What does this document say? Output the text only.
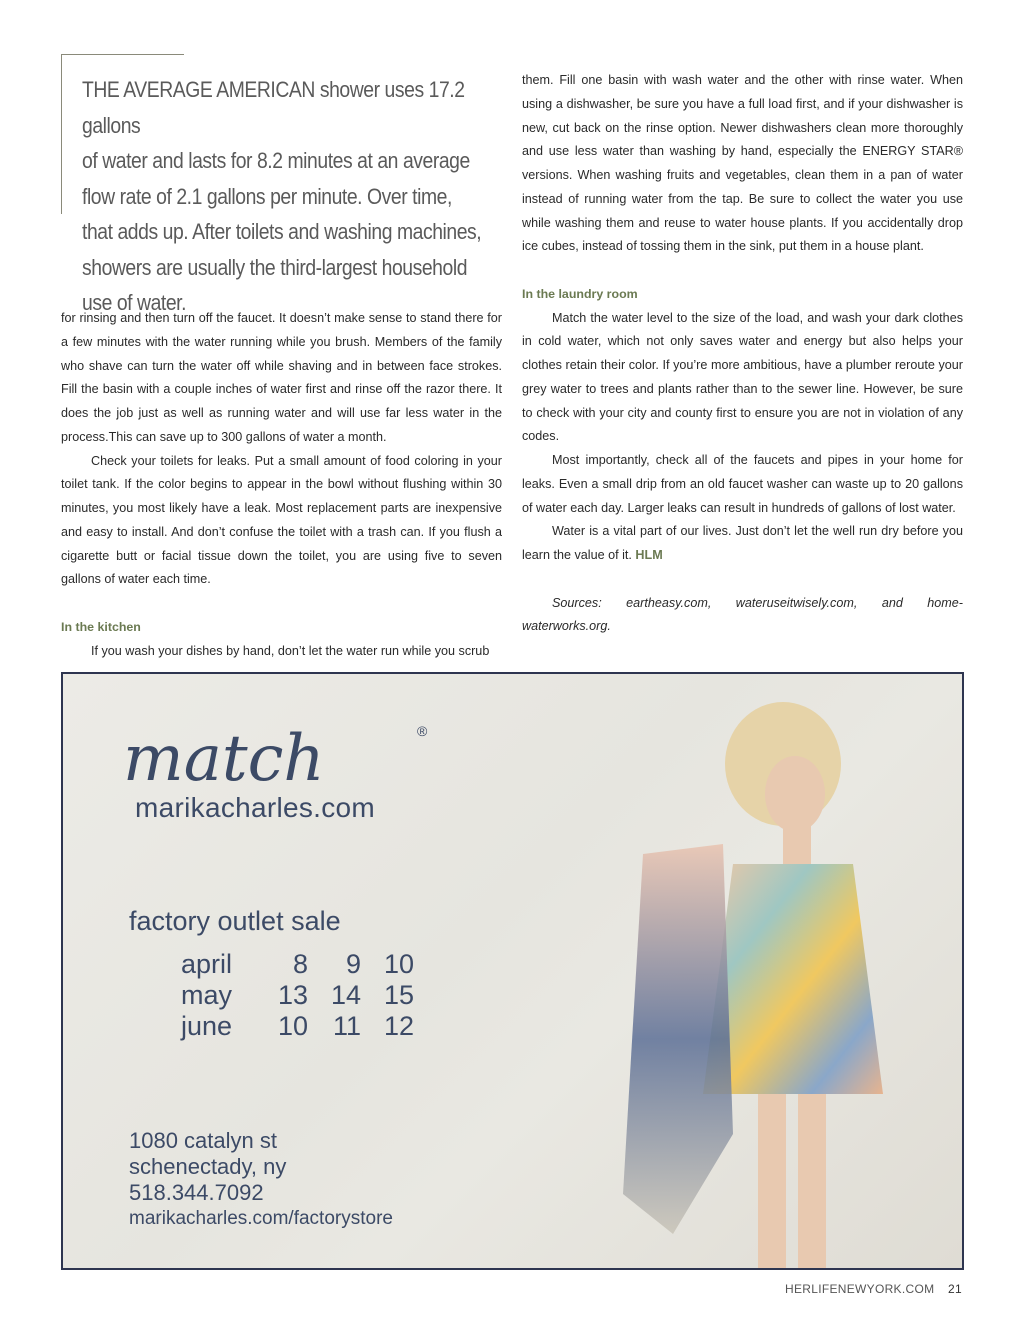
THE AVERAGE AMERICAN shower uses 17.2 gallons
of water and lasts for 8.2 minutes at an average
flow rate of 2.1 gallons per minute. Over time,
that adds up. After toilets and washing machines,
showers are usually the third-largest household
use of water.

for rinsing and then turn off the faucet. It doesn’t make sense to stand there for a few minutes with the water running while you brush. Members of the family who shave can turn the water off while shaving and in between face strokes. Fill the basin with a couple inches of water first and rinse off the razor there. It does the job just as well as running water and will use far less water in the process.This can save up to 300 gallons of water a month.

Check your toilets for leaks. Put a small amount of food coloring in your toilet tank. If the color begins to appear in the bowl without flushing within 30 minutes, you most likely have a leak. Most replacement parts are inexpensive and easy to install. And don’t confuse the toilet with a trash can. If you flush a cigarette butt or facial tissue down the toilet, you are using five to seven gallons of water each time.

In the kitchen

If you wash your dishes by hand, don’t let the water run while you scrub

them. Fill one basin with wash water and the other with rinse water. When using a dishwasher, be sure you have a full load first, and if your dishwasher is new, cut back on the rinse option. Newer dishwashers clean more thoroughly and use less water than washing by hand, especially the ENERGY STAR® versions. When washing fruits and vegetables, clean them in a pan of water instead of running water from the tap. Be sure to collect the water you use while washing them and reuse to water house plants. If you accidentally drop ice cubes, instead of tossing them in the sink, put them in a house plant.

In the laundry room

Match the water level to the size of the load, and wash your dark clothes in cold water, which not only saves water and energy but also helps your clothes retain their color. If you’re more ambitious, have a plumber reroute your grey water to trees and plants rather than to the sewer line. However, be sure to check with your city and county first to ensure you are not in violation of any codes.

Most importantly, check all of the faucets and pipes in your home for leaks. Even a small drip from an old faucet washer can waste up to 20 gallons of water each day. Larger leaks can result in hundreds of gallons of lost water.

Water is a vital part of our lives. Just don’t let the well run dry before you learn the value of it. HLM

Sources: eartheasy.com, wateruseitwisely.com, and home-waterworks.org.

match	®
marikacharles.com
factory outlet sale
april	8	9	10
may	13	14	15
june	10	11	12
1080 catalyn st
schenectady, ny
518.344.7092
marikacharles.com/factorystore
HERLIFENEWYORK.COM 21
